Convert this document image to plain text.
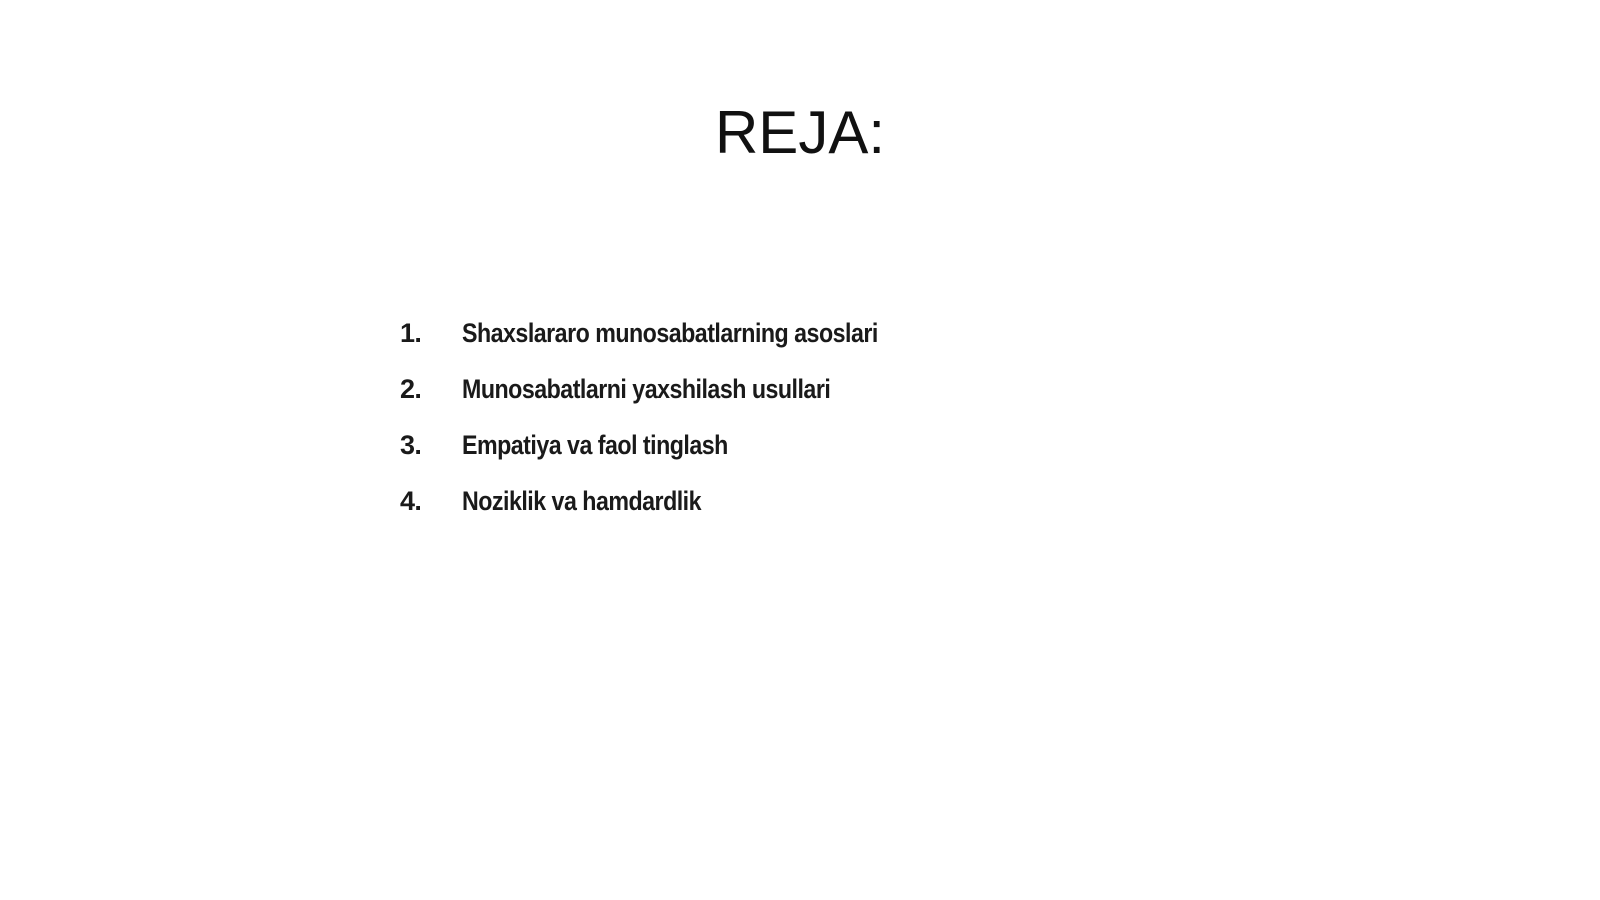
REJA:
1.	Shaxslararo munosabatlarning asoslari
2.	Munosabatlarni yaxshilash usullari
3.	Empatiya va faol tinglash
4.	Noziklik va hamdardlik
